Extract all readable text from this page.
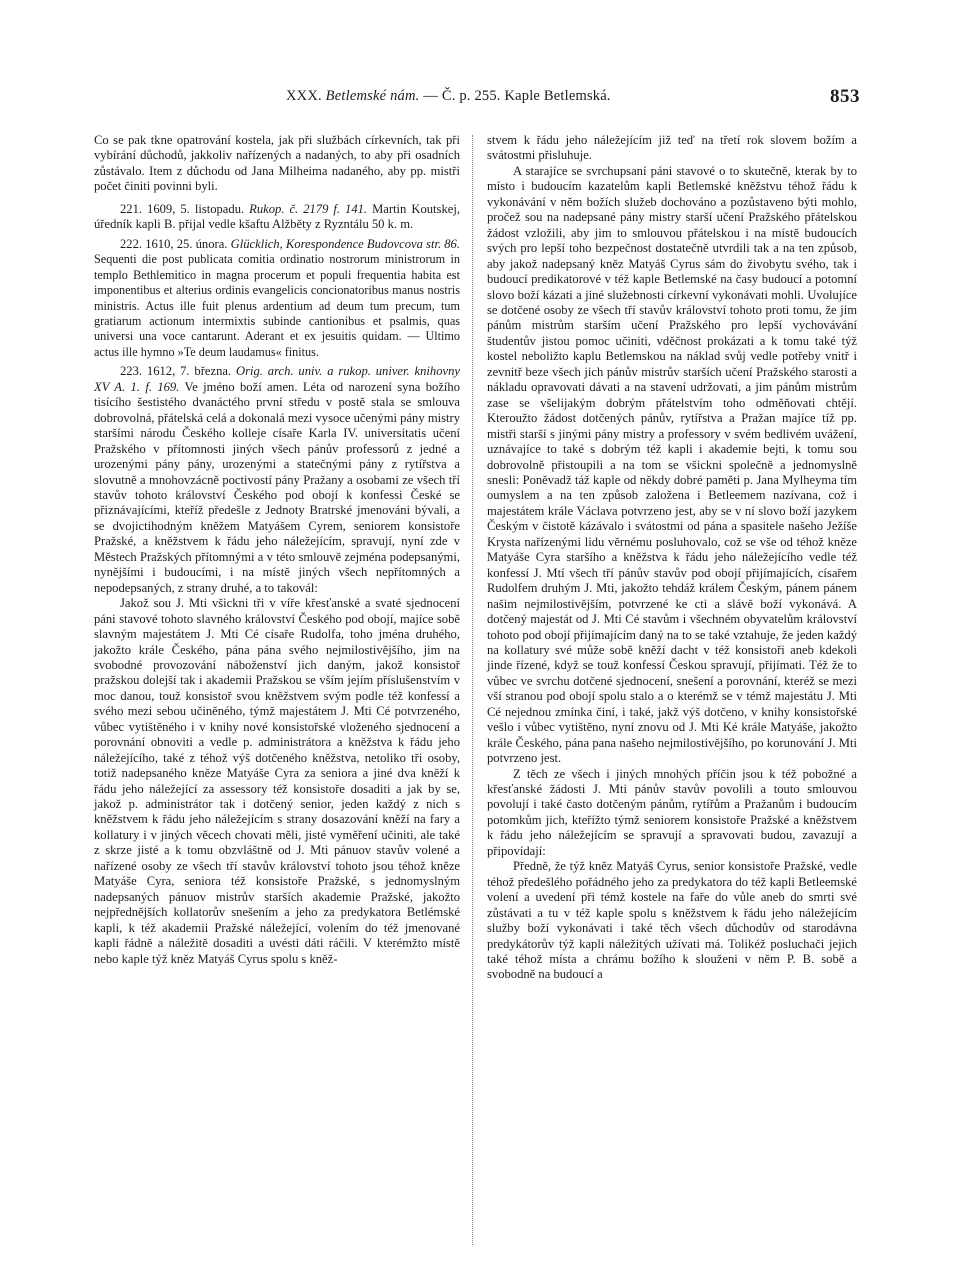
XXX. Betlemské nám. — Č. p. 255. Kaple Betlemská.	853

Co se pak tkne opatrování kostela, jak při službách církevních, tak při vybírání důchodů, jakkoliv nařízených a nadaných, to aby při osadních zůstávalo. Item z důchodu od Jana Milheima nadaného, aby pp. mistři počet činiti povinni byli.

221. 1609, 5. listopadu. Rukop. č. 2179 f. 141. Martin Koutskej, úředník kapli B. přijal vedle kšaftu Alžběty z Ryzntálu 50 k. m.

222. 1610, 25. února. Glücklich, Korespondence Budovcova str. 86. Sequenti die post publicata comitia ordinatio nostrorum ministrorum in templo Bethlemitico in magna procerum et populi frequentia habita est imponentibus et alterius ordinis evangelicis concionatoribus manus nostris ministris. Actus ille fuit plenus ardentium ad deum tum precum, tum gratiarum actionum intermixtis subinde cantionibus et psalmis, quas universi una voce cantarunt. Aderant et ex jesuitis quidam. — Ultimo actus ille hymno »Te deum laudamus« finitus.

223. 1612, 7. března. Orig. arch. univ. a rukop. univer. knihovny XV A. 1. f. 169. Ve jméno boží amen. Léta od narození syna božího tisícího šestistého dvanáctého první středu v postě stala se smlouva dobrovolná, přátelská celá a dokonalá mezi vysoce učenými pány mistry staršími národu Českého kolleje císaře Karla IV. universitatis učení Pražského v přítomnosti jiných všech pánův professorů z jedné a urozenými pány pány, urozenými a statečnými pány z rytířstva a slovutně a mnohovzácně poctivostí pány Pražany a osobami ze všech tří stavův tohoto království Českého pod obojí k konfessi České se přiznávajícími, kteříž předešle z Jednoty Bratrské jmenováni bývali, a se dvojictihodným kněžem Matyášem Cyrem, seniorem konsistoře Pražské, a kněžstvem k řádu jeho náležejícím, spravují, nyní zde v Městech Pražských přítomnými a v této smlouvě zejména podepsanými, nynějšími i budoucími, i na místě jiných všech nepřítomných a nepodepsaných, z strany druhé, a to takovál:

Jakož sou J. Mti všickni tři v víře křesťanské a svaté sjednocení páni stavové tohoto slavného království Českého pod obojí, majíce sobě slavným majestátem J. Mti Cé císaře Rudolfa, toho jména druhého, jakožto krále Českého, pána pána svého nejmilostivějšího, jim na svobodné provozování náboženství jich daným, jakož konsistoř pražskou dolejší tak i akademii Pražskou se vším jejím příslušenstvím v moc danou, touž konsistoř svou kněžstvem svým podle též konfessí a svého mezi sebou učiněného, týmž majestátem J. Mti Cé potvrzeného, vůbec vytištěného i v knihy nové konsistořské vloženého sjednocení a porovnání obnoviti a vedle p. administrátora a kněžstva k řádu jeho náležejícího, také z téhož výš dotčeného kněžstva, netoliko tři osoby, totiž nadepsaného kněze Matyáše Cyra za seniora a jiné dva kněží k řádu jeho náležející za assessory též konsistoře dosaditi a jak by se, jakož p. administrátor tak i dotčený senior, jeden každý z nich s kněžstvem k řádu jeho náležejícím s strany dosazování kněží na fary a kollatury i v jiných věcech chovati měli, jisté vyměření učiniti, ale také z skrze jisté a k tomu obzvláštně od J. Mti pánuov stavův volené a nařízené osoby ze všech tří stavův království tohoto jsou téhož kněze Matyáše Cyra, seniora též konsistoře Pražské, s jednomyslným nadepsaných pánuov mistrův starších akademie Pražské, jakožto nejpřednějších kollatorův snešením a jeho za predykatora Betlémské kapli, k též akademii Pražské náležející, volením do též jmenované kapli řádně a náležitě dosaditi a uvésti dáti ráčili. V kterémžto místě nebo kaple týž kněz Matyáš Cyrus spolu s kněž-

stvem k řádu jeho náležejícím již teď na třetí rok slovem božím a svátostmi přisluhuje.

A starajíce se svrchupsaní páni stavové o to skutečně, kterak by to místo i budoucím kazatelům kapli Betlemské kněžstvu téhož řádu k vykonávání v něm božích služeb dochováno a pozůstaveno býti mohlo, pročež sou na nadepsané pány mistry starší učení Pražského přátelskou žádost vzložili, aby jim to smlouvou přátelskou i na místě budoucích svých pro lepší toho bezpečnost dostatečně utvrdili tak a na ten způsob, aby jakož nadepsaný kněz Matyáš Cyrus sám do živobytu svého, tak i budoucí predikatorové v též kaple Betlemské na časy budoucí a potomní slovo boží kázati a jiné služebnosti církevní vykonávati mohli. Uvolujíce se dotčené osoby ze všech tří stavův království tohoto proti tomu, že jim pánům mistrům starším učení Pražského pro lepší vychovávání študentův jistou pomoc učiniti, vděčnost prokázati a k tomu také týž kostel neboližto kaplu Betlemskou na náklad svůj vedle potřeby vnitř i zevnitř beze všech jich pánův mistrův starších učení Pražského starosti a nákladu opravovati dávati a na stavení udržovati, a jim pánům mistrům zase se všelijakým dobrým přátelstvím toho odměňovati chtějí. Kteroužto žádost dotčených pánův, rytířstva a Pražan majíce tíž pp. mistři starší s jinými pány mistry a professory v svém bedlivém uvážení, uznávajíce to také s dobrým též kapli i akademie bejti, k tomu sou dobrovolně přistoupili a na tom se všickni společně a jednomyslně snesli: Poněvadž táž kaple od někdy dobré paměti p. Jana Mylheyma tím oumyslem a na ten způsob založena i Betleemem nazívana, což i majestátem krále Václava potvrzeno jest, aby se v ní slovo boží jazykem Českým v čistotě kázávalo i svátostmi od pána a spasitele našeho Ježíše Krysta nařízenými lidu věrnému posluhovalo, což se vše od téhož kněze Matyáše Cyra staršího a kněžstva k řádu jeho náležejícího vedle též konfessí J. Mtí všech tří pánův stavův pod obojí přijímajících, císařem Rudolfem druhým J. Mti, jakožto tehdáž králem Českým, pánem pánem našim nejmilostivějším, potvrzené ke cti a slávě boží vykonává. A dotčený majestát od J. Mti Cé stavům i všechném obyvatelům království tohoto pod obojí přijímajícím daný na to se také vztahuje, že jeden každý na kollatury své může sobě kněží dacht v též konsistoři aneb kdekoli jinde řízené, když se touž konfessí Českou spravují, přijímati. Též že to vůbec ve svrchu dotčené sjednocení, snešení a porovnání, kteréž se mezi vší stranou pod obojí spolu stalo a o kterémž se v témž majestátu J. Mti Cé nejednou zmínka činí, i také, jakž výš dotčeno, v knihy konsistořské vešlo i vůbec vytištěno, nyní znovu od J. Mti Ké krále Matyáše, jakožto krále Českého, pána pana našeho nejmilostivějšího, po korunování J. Mti potvrzeno jest.

Z těch ze všech i jiných mnohých příčin jsou k též pobožné a křesťanské žádosti J. Mti pánův stavův povolili a touto smlouvou povolují i také často dotčeným pánům, rytířům a Pražanům i budoucím potomkům jich, kteřížto týmž seniorem konsistoře Pražské a kněžstvem k řádu jeho náležejícím se spravují a spravovati budou, zavazují a připovídají:

Předně, že týž kněz Matyáš Cyrus, senior konsistoře Pražské, vedle téhož předešlého pořádného jeho za predykatora do též kapli Betleemské volení a uvedení při témž kostele na faře do vůle aneb do smrti své zůstávati a tu v též kaple spolu s kněžstvem k řádu jeho náležejícím služby boží vykonávati i také těch všech důchodův od starodávna predykátorův týž kapli náležitých užívati má. Tolikéž posluchači jejich také téhož místa a chrámu božího k slouženi v něm P. B. sobě a svobodně na budoucí a
